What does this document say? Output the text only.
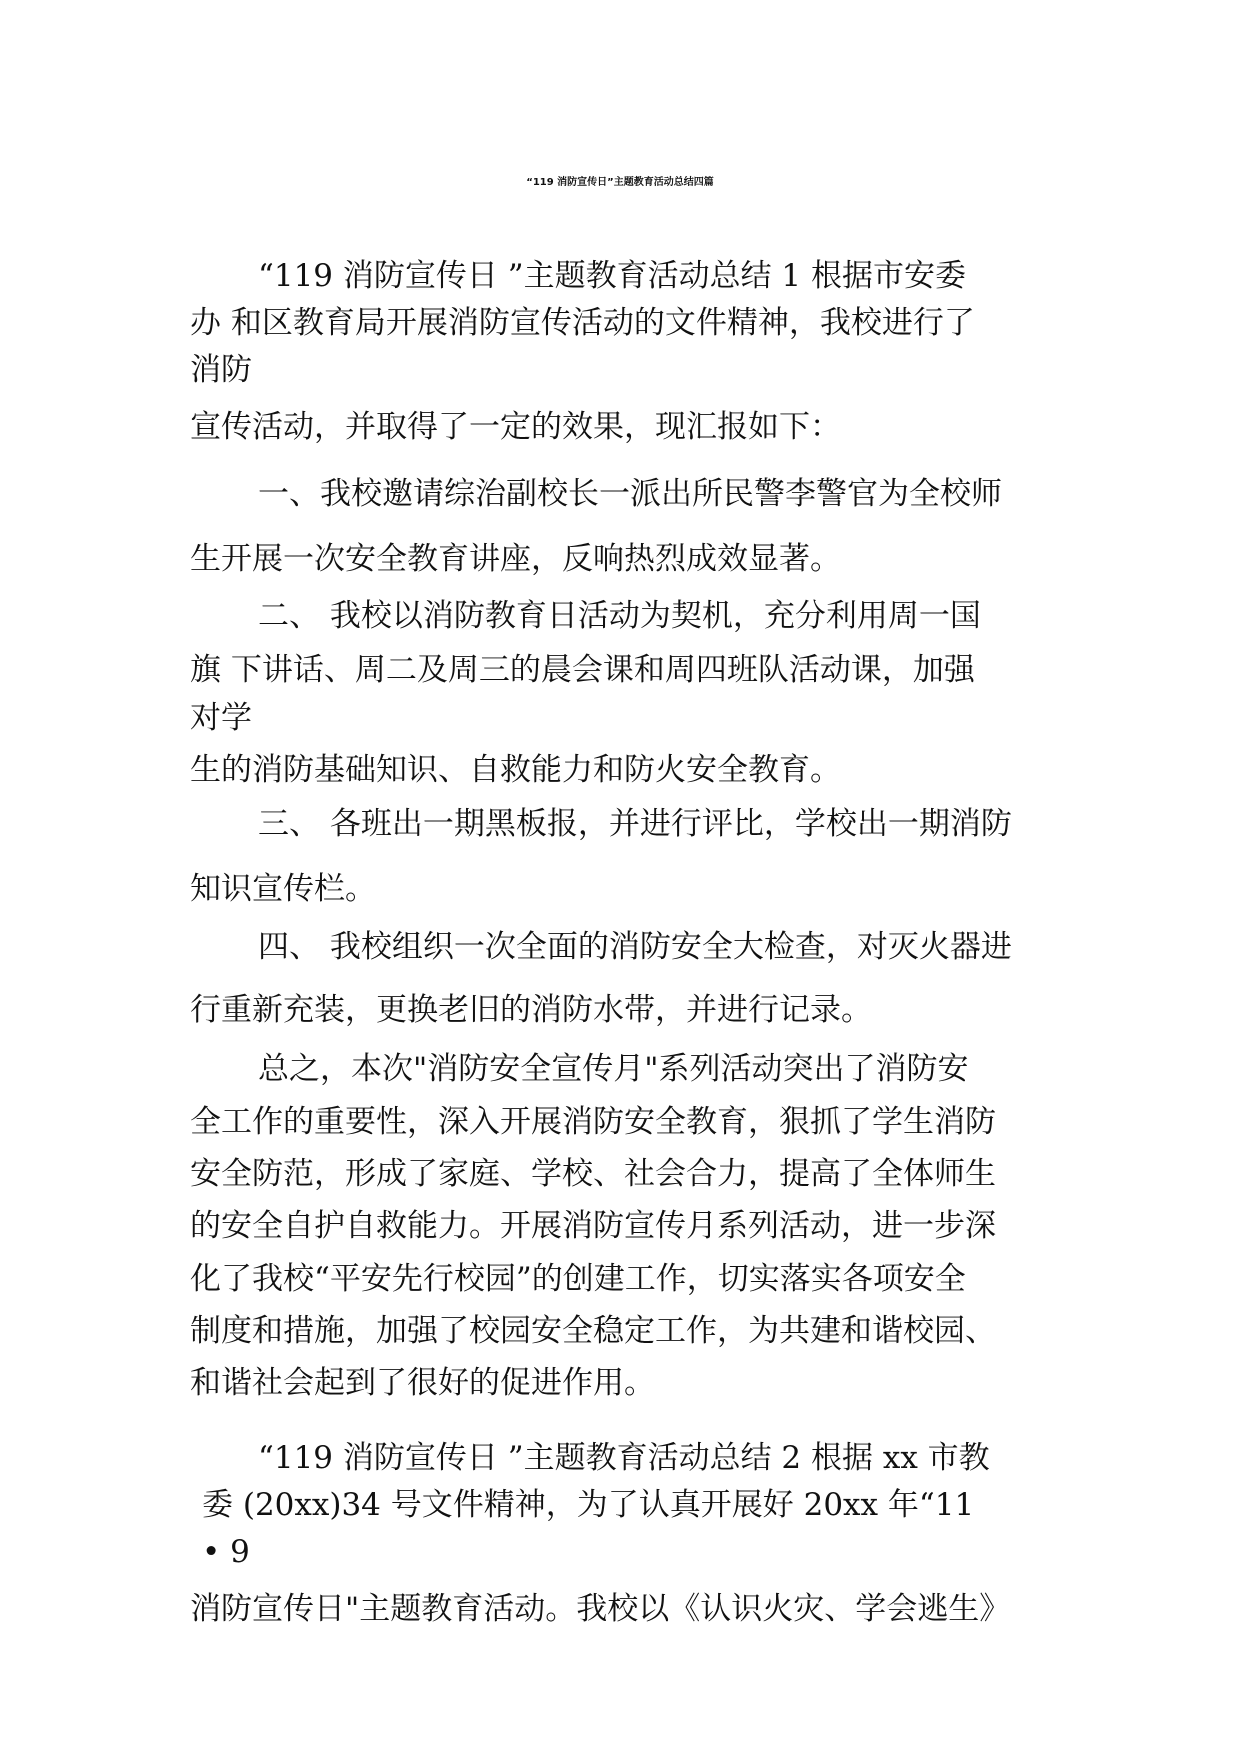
“119 消防宣传日”主题教育活动总结四篇
“119 消防宣传日 ”主题教育活动总结 1 根据市安委
办 和区教育局开展消防宣传活动的文件精神，我校进行了
消防
宣传活动，并取得了一定的效果，现汇报如下：
一、我校邀请综治副校长一派出所民警李警官为全校师
生开展一次安全教育讲座，反响热烈成效显著。
二、 我校以消防教育日活动为契机，充分利用周一国
旗 下讲话、周二及周三的晨会课和周四班队活动课，加强
对学
生的消防基础知识、自救能力和防火安全教育。
三、 各班出一期黑板报，并进行评比，学校出一期消防
知识宣传栏。
四、 我校组织一次全面的消防安全大检查，对灭火器进
行重新充装，更换老旧的消防水带，并进行记录。
总之，本次"消防安全宣传月"系列活动突出了消防安
全工作的重要性，深入开展消防安全教育，狠抓了学生消防
安全防范，形成了家庭、学校、社会合力，提高了全体师生
的安全自护自救能力。开展消防宣传月系列活动，进一步深
化了我校“平安先行校园”的创建工作，切实落实各项安全
制度和措施，加强了校园安全稳定工作，为共建和谐校园、
和谐社会起到了很好的促进作用。
“119 消防宣传日 ”主题教育活动总结 2 根据 xx 市教
委 (20xx)34 号文件精神，为了认真开展好 20xx 年“11
• 9
消防宣传日"主题教育活动。我校以《认识火灾、学会逃生》
